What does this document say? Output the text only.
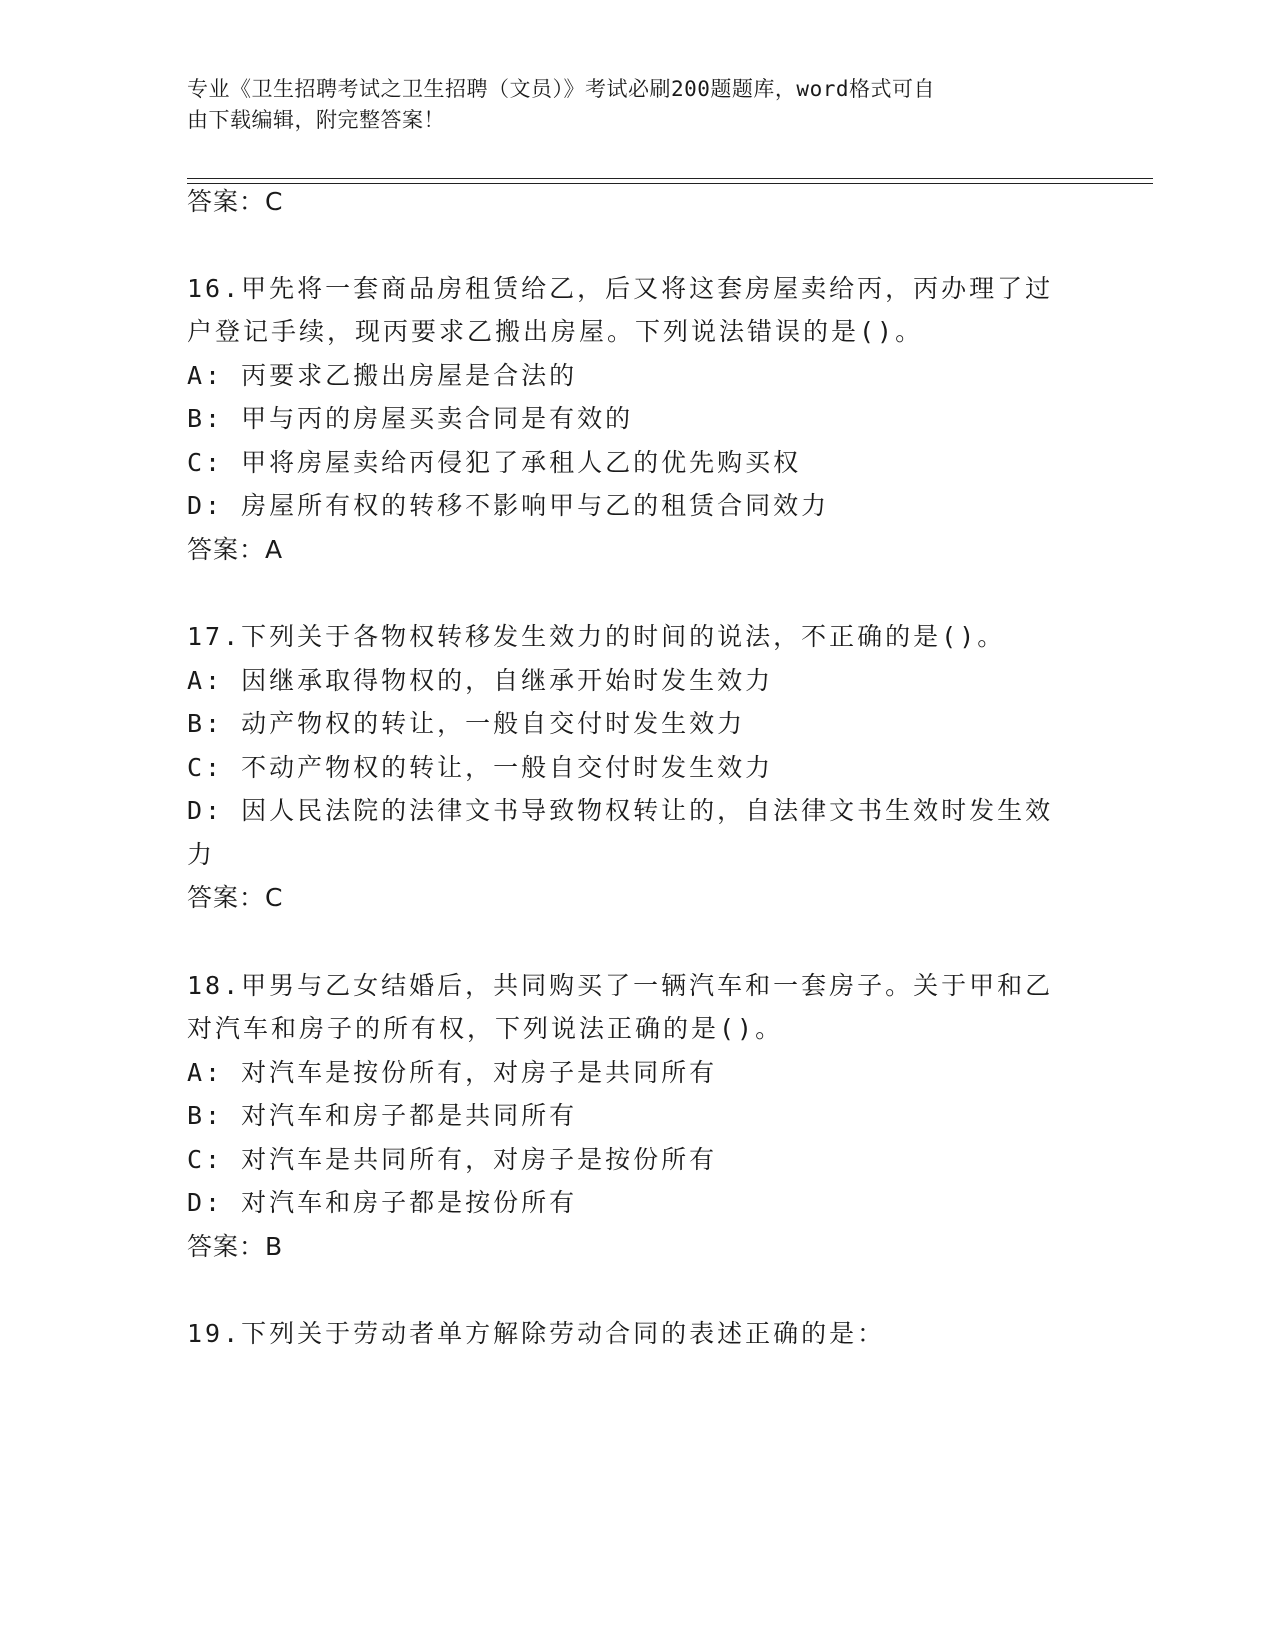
专业《卫生招聘考试之卫生招聘（文员）》考试必刷200题题库，word格式可自
由下载编辑，附完整答案！
答案：C
16.甲先将一套商品房租赁给乙，后又将这套房屋卖给丙，丙办理了过
户登记手续，现丙要求乙搬出房屋。下列说法错误的是()。
A: 丙要求乙搬出房屋是合法的
B: 甲与丙的房屋买卖合同是有效的
C: 甲将房屋卖给丙侵犯了承租人乙的优先购买权
D: 房屋所有权的转移不影响甲与乙的租赁合同效力
答案：A
17.下列关于各物权转移发生效力的时间的说法，不正确的是()。
A: 因继承取得物权的，自继承开始时发生效力
B: 动产物权的转让，一般自交付时发生效力
C: 不动产物权的转让，一般自交付时发生效力
D: 因人民法院的法律文书导致物权转让的，自法律文书生效时发生效
力
答案：C
18.甲男与乙女结婚后，共同购买了一辆汽车和一套房子。关于甲和乙
对汽车和房子的所有权，下列说法正确的是()。
A: 对汽车是按份所有，对房子是共同所有
B: 对汽车和房子都是共同所有
C: 对汽车是共同所有，对房子是按份所有
D: 对汽车和房子都是按份所有
答案：B
19.下列关于劳动者单方解除劳动合同的表述正确的是：
